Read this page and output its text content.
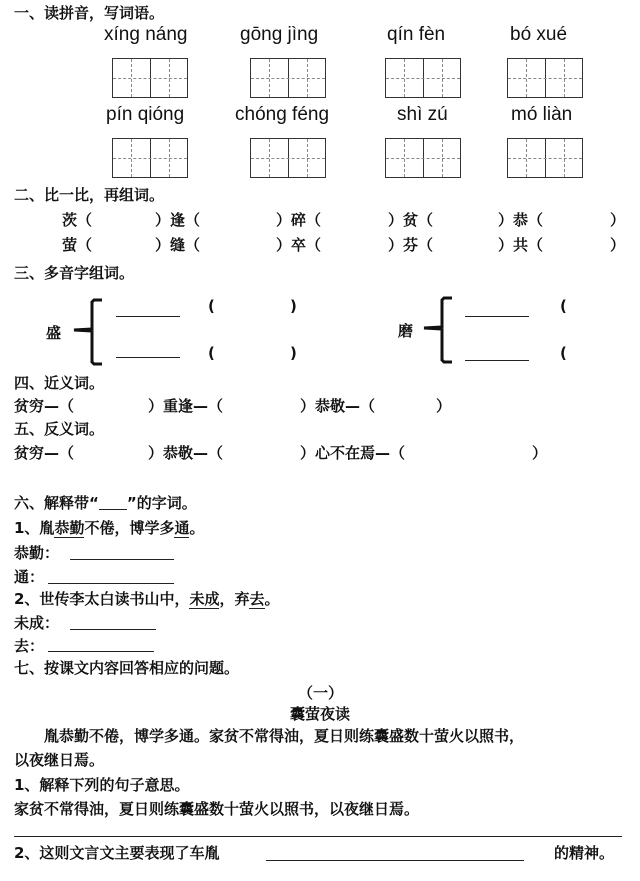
一、读拼音，写词语。
xíng náng	gōng jìng	qín fèn	bó xué
pín qióng	chóng féng	shì zú	mó liàn
二、比一比，再组词。
茨（	）逢（	）碎（	）贫（	）恭（	）
萤（	）缝（	）卒（	）芬（	）共（	）
三、多音字组词。
盛
(	)
(	)
磨
(
(
四、近义词。
贫穷—（	）重逢—（	）恭敬—（	）
五、反义词。
贫穷—（	）恭敬—（	）心不在焉—（	）
六、解释带“ ”的字词。
1、胤恭勤不倦，博学多通。
恭勤：
通：
2、世传李太白读书山中，未成，弃去。
未成：
去：
七、按课文内容回答相应的问题。
（一）
囊萤夜读
胤恭勤不倦，博学多通。家贫不常得油，夏日则练囊盛数十萤火以照书，
以夜继日焉。
1、解释下列的句子意思。
家贫不常得油，夏日则练囊盛数十萤火以照书，以夜继日焉。
2、这则文言文主要表现了车胤	的精神。
